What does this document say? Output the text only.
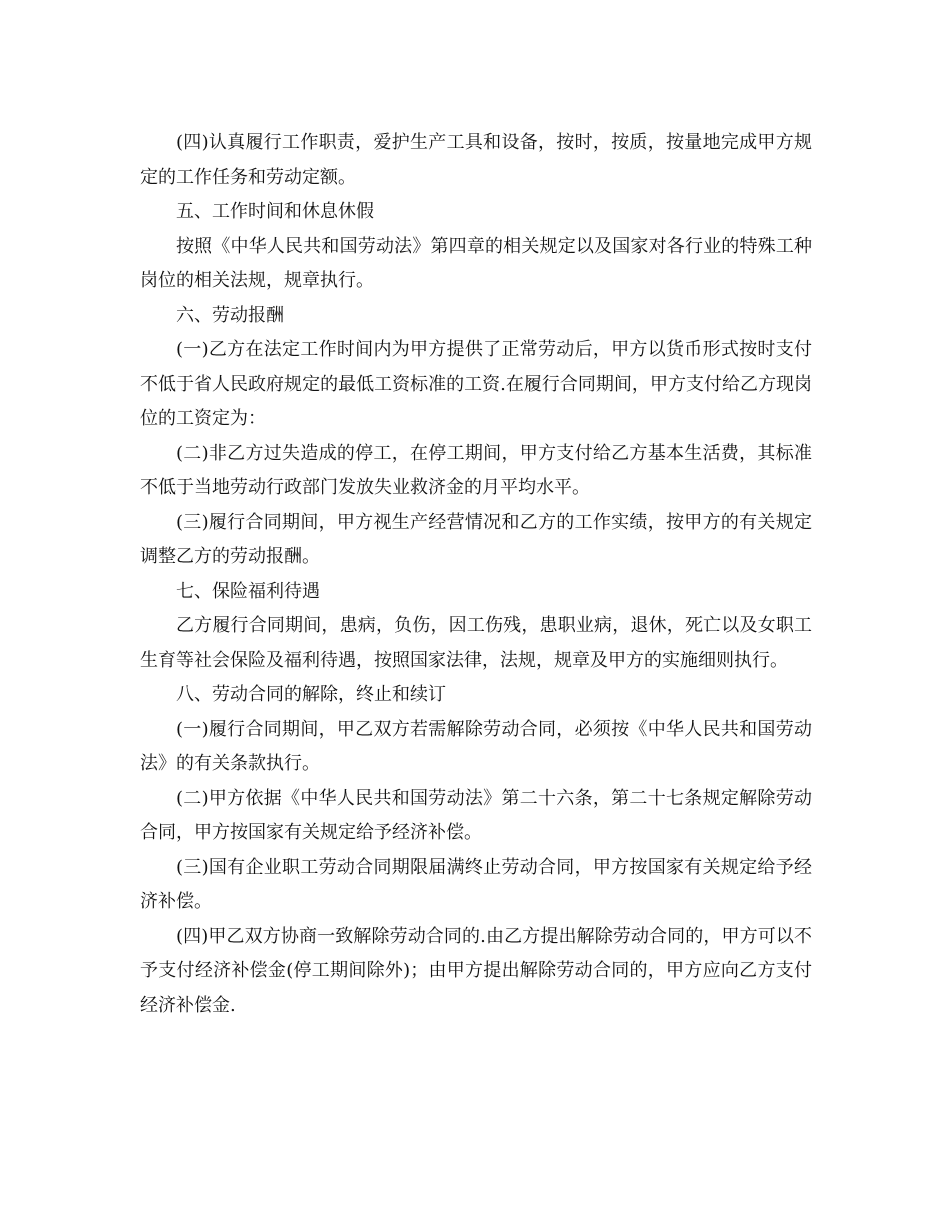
(四)认真履行工作职责，爱护生产工具和设备，按时，按质，按量地完成甲方规定的工作任务和劳动定额。

五、工作时间和休息休假

按照《中华人民共和国劳动法》第四章的相关规定以及国家对各行业的特殊工种岗位的相关法规，规章执行。

六、劳动报酬

(一)乙方在法定工作时间内为甲方提供了正常劳动后，甲方以货币形式按时支付不低于省人民政府规定的最低工资标准的工资.在履行合同期间，甲方支付给乙方现岗位的工资定为：

(二)非乙方过失造成的停工，在停工期间，甲方支付给乙方基本生活费，其标准不低于当地劳动行政部门发放失业救济金的月平均水平。

(三)履行合同期间，甲方视生产经营情况和乙方的工作实绩，按甲方的有关规定调整乙方的劳动报酬。

七、保险福利待遇

乙方履行合同期间，患病，负伤，因工伤残，患职业病，退休，死亡以及女职工生育等社会保险及福利待遇，按照国家法律，法规，规章及甲方的实施细则执行。

八、劳动合同的解除，终止和续订

(一)履行合同期间，甲乙双方若需解除劳动合同，必须按《中华人民共和国劳动法》的有关条款执行。

(二)甲方依据《中华人民共和国劳动法》第二十六条，第二十七条规定解除劳动合同，甲方按国家有关规定给予经济补偿。

(三)国有企业职工劳动合同期限届满终止劳动合同，甲方按国家有关规定给予经济补偿。

(四)甲乙双方协商一致解除劳动合同的.由乙方提出解除劳动合同的，甲方可以不予支付经济补偿金(停工期间除外)；由甲方提出解除劳动合同的，甲方应向乙方支付经济补偿金.
